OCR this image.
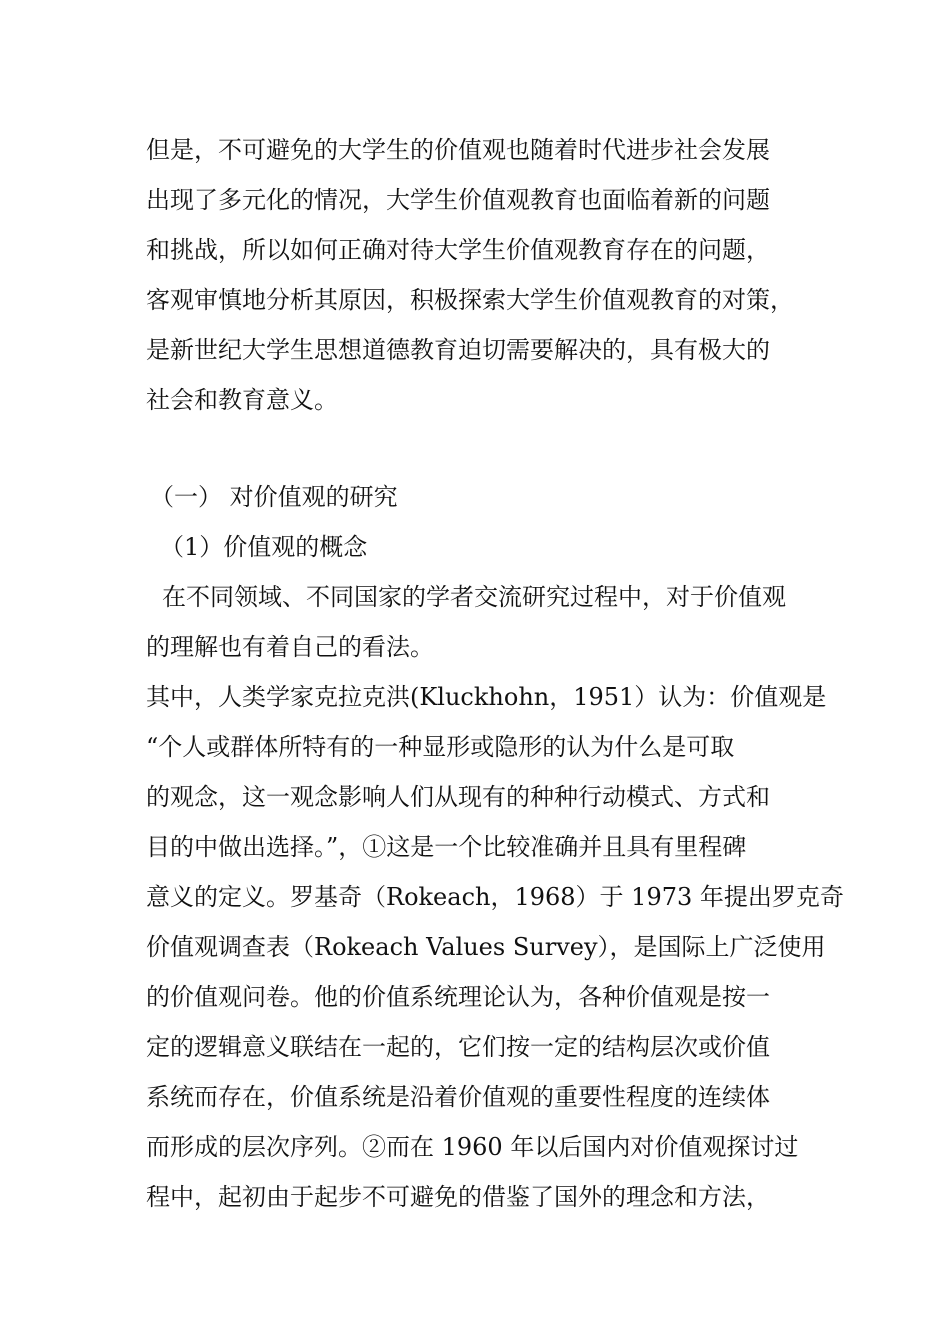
但是，不可避免的大学生的价值观也随着时代进步社会发展
出现了多元化的情况，大学生价值观教育也面临着新的问题
和挑战，所以如何正确对待大学生价值观教育存在的问题，
客观审慎地分析其原因，积极探索大学生价值观教育的对策，
是新世纪大学生思想道德教育迫切需要解决的，具有极大的
社会和教育意义。
（一） 对价值观的研究
（1）价值观的概念
在不同领域、不同国家的学者交流研究过程中，对于价值观
的理解也有着自己的看法。
其中，人类学家克拉克洪(Kluckhohn，1951）认为：价值观是
“个人或群体所特有的一种显形或隐形的认为什么是可取
的观念，这一观念影响人们从现有的种种行动模式、方式和
目的中做出选择。”，①这是一个比较准确并且具有里程碑
意义的定义。罗基奇（Rokeach，1968）于 1973 年提出罗克奇
价值观调查表（Rokeach Values Survey），是国际上广泛使用
的价值观问卷。他的价值系统理论认为，各种价值观是按一
定的逻辑意义联结在一起的，它们按一定的结构层次或价值
系统而存在，价值系统是沿着价值观的重要性程度的连续体
而形成的层次序列。②而在 1960 年以后国内对价值观探讨过
程中，起初由于起步不可避免的借鉴了国外的理念和方法，
